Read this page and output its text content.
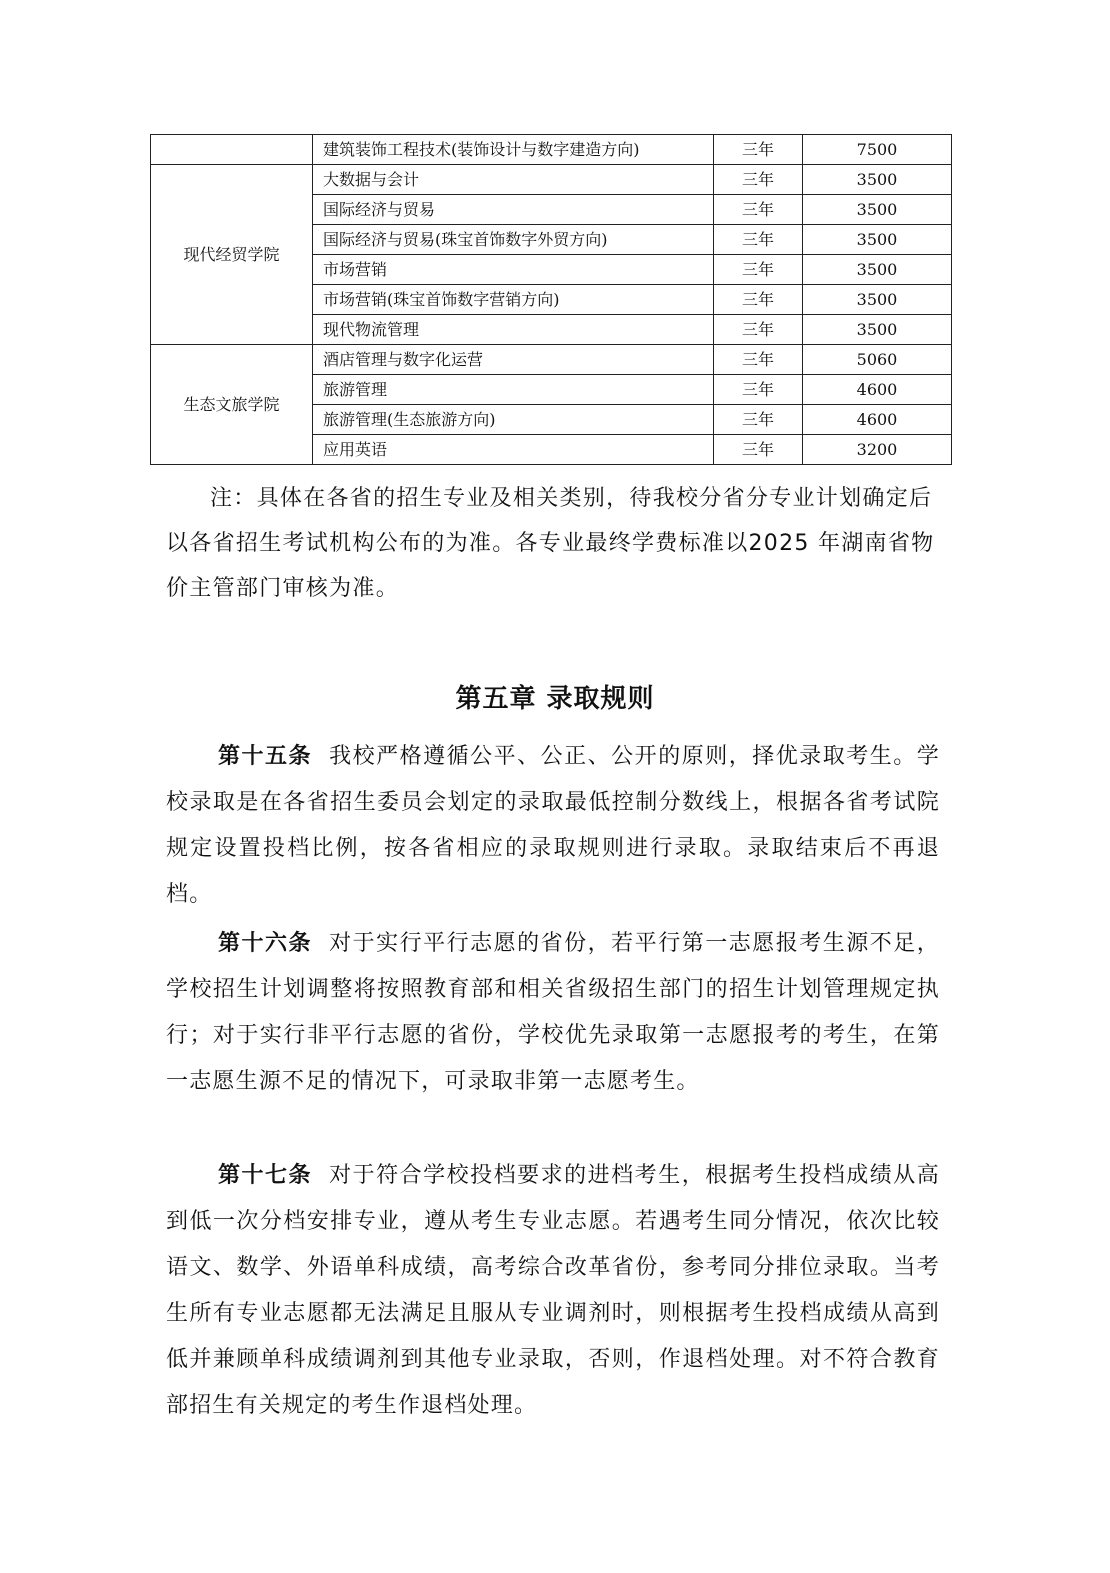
	建筑装饰工程技术(装饰设计与数字建造方向)	三年	7500
现代经贸学院	大数据与会计	三年	3500
	国际经济与贸易	三年	3500
	国际经济与贸易(珠宝首饰数字外贸方向)	三年	3500
	市场营销	三年	3500
	市场营销(珠宝首饰数字营销方向)	三年	3500
	现代物流管理	三年	3500
生态文旅学院	酒店管理与数字化运营	三年	5060
	旅游管理	三年	4600
	旅游管理(生态旅游方向)	三年	4600
	应用英语	三年	3200

注：具体在各省的招生专业及相关类别，待我校分省分专业计划确定后以各省招生考试机构公布的为准。各专业最终学费标准以2025 年湖南省物价主管部门审核为准。

第五章 录取规则

第十五条 我校严格遵循公平、公正、公开的原则，择优录取考生。学校录取是在各省招生委员会划定的录取最低控制分数线上，根据各省考试院规定设置投档比例，按各省相应的录取规则进行录取。录取结束后不再退档。

第十六条 对于实行平行志愿的省份，若平行第一志愿报考生源不足，学校招生计划调整将按照教育部和相关省级招生部门的招生计划管理规定执行；对于实行非平行志愿的省份，学校优先录取第一志愿报考的考生，在第一志愿生源不足的情况下，可录取非第一志愿考生。

第十七条 对于符合学校投档要求的进档考生，根据考生投档成绩从高到低一次分档安排专业，遵从考生专业志愿。若遇考生同分情况，依次比较语文、数学、外语单科成绩，高考综合改革省份，参考同分排位录取。当考生所有专业志愿都无法满足且服从专业调剂时，则根据考生投档成绩从高到低并兼顾单科成绩调剂到其他专业录取，否则，作退档处理。对不符合教育部招生有关规定的考生作退档处理。
